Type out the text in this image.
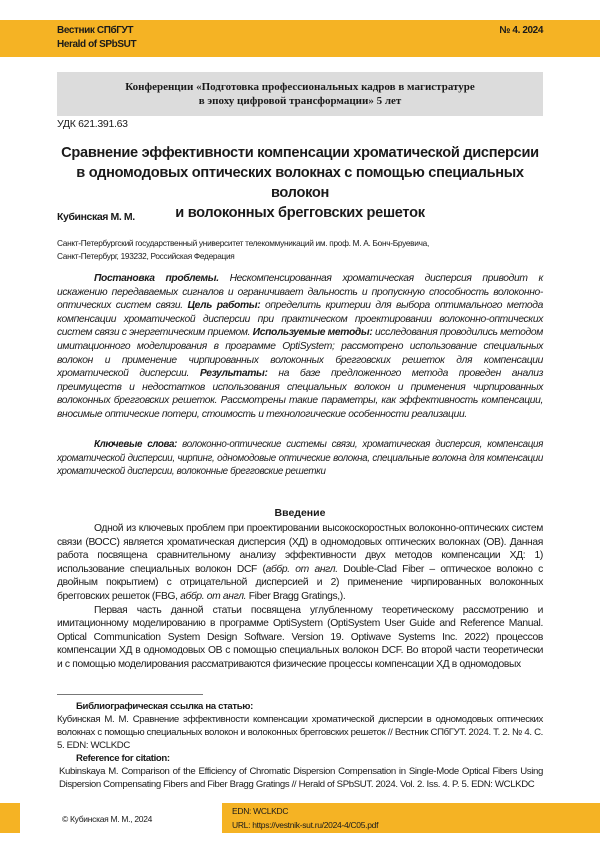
Вестник СПбГУТ
Herald of SPbSUT
№ 4. 2024
Конференции «Подготовка профессиональных кадров в магистратуре
в эпоху цифровой трансформации» 5 лет
УДК 621.391.63
Сравнение эффективности компенсации хроматической дисперсии
в одномодовых оптических волокнах с помощью специальных волокон
и волоконных брегговских решеток
Кубинская М. М.
Санкт-Петербургский государственный университет телекоммуникаций им. проф. М. А. Бонч-Бруевича,
Санкт-Петербург, 193232, Российская Федерация
Постановка проблемы. Нескомпенсированная хроматическая дисперсия приводит к искажению передаваемых сигналов и ограничивает дальность и пропускную способность волоконно-оптических систем связи. Цель работы: определить критерии для выбора оптимального метода компенсации хроматической дисперсии при практическом проектировании волоконно-оптических систем связи с энергетическим приемом. Используемые методы: исследования проводились методом имитационного моделирования в программе OptiSystem; рассмотрено использование специальных волокон и применение чирпированных волоконных брегговских решеток для компенсации хроматической дисперсии. Результаты: на базе предложенного метода проведен анализ преимуществ и недостатков использования специальных волокон и применения чирпированных волоконных брегговских решеток. Рассмотрены такие параметры, как эффективность компенсации, вносимые оптические потери, стоимость и технологические особенности реализации.
Ключевые слова: волоконно-оптические системы связи, хроматическая дисперсия, компенсация хроматической дисперсии, чирпинг, одномодовые оптические волокна, специальные волокна для компенсации хроматической дисперсии, волоконные брегговские решетки
Введение
Одной из ключевых проблем при проектировании высокоскоростных волоконно-оптических систем связи (ВОСС) является хроматическая дисперсия (ХД) в одномодовых оптических волокнах (ОВ). Данная работа посвящена сравнительному анализу эффективности двух методов компенсации ХД: 1) использование специальных волокон DCF (аббр. от англ. Double-Clad Fiber – оптическое волокно с двойным покрытием) с отрицательной дисперсией и 2) применение чирпированных волоконных брегговских решеток (FBG, аббр. от англ. Fiber Bragg Gratings,).
Первая часть данной статьи посвящена углубленному теоретическому рассмотрению и имитационному моделированию в программе OptiSystem (OptiSystem User Guide and Reference Manual. Optical Communication System Design Software. Version 19. Optiwave Systems Inc. 2022) процессов компенсации ХД в одномодовых ОВ с помощью специальных волокон DCF. Во второй части теоретически и с помощью моделирования рассматриваются физические процессы компенсации ХД в одномодовых
Библиографическая ссылка на статью:
Кубинская М. М. Сравнение эффективности компенсации хроматической дисперсии в одномодовых оптических волокнах с помощью специальных волокон и волоконных брегговских решеток // Вестник СПбГУТ. 2024. Т. 2. № 4. С. 5. EDN: WCLKDC
Reference for citation:
Kubinskaya M. Comparison of the Efficiency of Chromatic Dispersion Compensation in Single-Mode Optical Fibers Using Dispersion Compensating Fibers and Fiber Bragg Gratings // Herald of SPbSUT. 2024. Vol. 2. Iss. 4. P. 5. EDN: WCLKDC
© Кубинская М. М., 2024
EDN: WCLKDC
URL: https://vestnik-sut.ru/2024-4/C05.pdf
